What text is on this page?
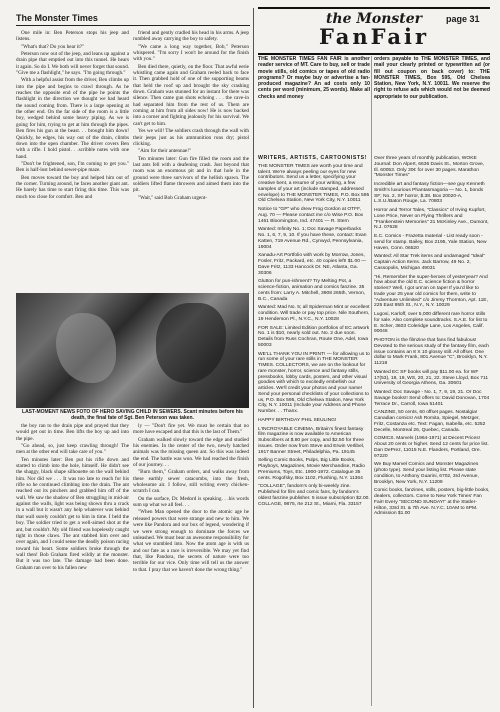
The Monster Times	page 31
the Monster
FanFair

One mile in: Ben Peterson stops his jeep and listens.

"What's that? Do you hear it?"

Peterson now out of the jeep, and leans up against a drain pipe that emptied out into this tunnel. He hears it again. So do I. We both will never forget that sound. "Give me a flashlight," he says. "I'm going through."

With a helpful assist from the driver, Ben climbs up into the pipe and begins to crawl through. As he reaches the opposite end of the pipe he points the flashlight in the direction we thought we had heard the sound coming from. There is a large opening at the other end. On the far side of the room is a little boy, wedged behind some heavy piping. As we is going for him, trying to get at him through the pipes. Ben fires his gun at the beast. . . brought him down! Quickly, he edges, his way out of the drain, climbs down into the open chamber. The driver covers Ben with a rifle. I hold pistol. . .scribble notes with one hand.

"Don't be frightened, son, I'm coming to get you." Ben is half-lost behind sewer-pipe maze.

Ben moves toward the boy and helped him out of the corner. Turning around, he faces another giant ant. He barely has time to start firing this time. This was much too close for comfort. Ben and

friend and gently cradled his head in his arms. A jeep rumbled away carrying the boy to safety.

"We came a long way together, Bob," Peterson whispered. "I'm sorry I won't be around for the finish with you."

Ben died there, quietly, on the floor. That awful eerie whistling came again and Graham reeled back to face it. Then grabbed hold of one of the supporting beams that held the roof up and brought the sky crashing down. Graham was stunned for an instant for there was silence. Then came gun shots echoing . . . the cave-in had separated him from the rest of us. Them are coming at him from all sides now! He is now backed into a corner and fighting jealously for his survival. We can't get to him.

Yes we will! The soldiers crash through the wall with their jeeps just as his ammunition runs dry; pistol clicking.

"Aim for their antennae!"

Ten minutes later: Gun fire filled the room and the last ants fell with a deafening crash. Just beyond that room was an enormous pit and in that hole in the ground were three survivors of the hellish spawn. The soldiers lifted flame throwers and aimed them into the pit.

"Wait," said Bob Graham urgent-

LAST-MOMENT NEWS FOTO OF HERO SAVING CHILD IN SEWERS. Scant minutes before his death, the final fate of Sgt. Ben Peterson was taken.

the boy ran to the drain pipe and prayed that they would get out in time. Ben lifts the boy up and into the pipe.

"Go ahead, so, just keep crawling through! The men at the other end will take care of you."

Ten minutes later: Ben put his rifle down and started to climb into the hole, himself. He didn't see the shaggy, black shape silhouette on the wall behind him. Nor did we . . . It was too late to reach for his rifle so he continued climbing into the drain. The ant reached out its pinchers and grabbed him off of the wall. We saw the shadow of Ben struggling in mid-air against the walls, light was being shown thru a crack in a wall but it wasn't any help whatever was behind that wall surely couldn't get to him in time. I held the boy. The soldier tried to get a well-aimed shot at the ant, but couldn't. My old friend was hopelessly caught tight in those claws. The ant stabbed him over and over again, and I could sense the deadly poison racing toward his heart. Some soldiers broke through the wall then! Bob Graham fired wildly at the monster. But it was too late. The damage had been done. Graham ran over to his fallen new

ly — "Don't fire yet. We must be certain that no more have escaped and that this is the last of Them."

Graham walked slowly toward the edge and studied his enemies. In the center of the two, newly hatched animals was the missing queen ant. So this was indeed the end. The battle was won. We had reached the finish of our journey. . .

"Burn them," Graham orders, and walks away from these earthly sewer catacombs, into the fresh, wholesome air. I follow, still writing every chicken-scratch I can.

On the surface, Dr. Medord is speaking. . .his words sum up what we all feel. . .

"When Man opened the door to the atomic age he released powers that were strange and new to him. We were like Pandora and our box of legend, wondering if we were strong enough to dominate the forces we unleashed. We must bear an awesome responsibility for what we stumbled into. Now the atom age is with us and our fate as a race is irreversible. We may yet find that, like Pandora, the secrets of nature were too terrible for our vice. Only time will tell us the answer to that. I pray that we haven't done the wrong thing."

THE MONSTER TIMES FAN FAIR is another reader service of MT. Care to buy, sell or trade movie stills, old comics or tapes of old radio programs? Or maybe buy or advertise a fan-produced magazine? An ad costs only 10 cents per word (minimum, 25 words). Make all checks and money
orders payable to THE MONSTER TIMES, and mail your clearly printed or typewritten ad (or fill out coupon on back cover) to: THE MONSTER TIMES, Box 595, Old Chelsea Station, New York, N.Y. 10011. We reserve the right to refuse ads which would not be deemed appropriate to our publication.
WRITERS, ARTISTS, CARTOONISTS!
THE MONSTER TIMES are worth your time and talent. We're always peeling our eyes for new contributors. Send us a letter, specifying your creative bent, a resume of your writing, a few samples of your art (include stamped, addressed envelope) to THE MONSTER TIMES, P.O. Box 595 Old Chelsea Station, New York City, N.Y. 10011
Notice to "GP" who drew Frog Gordon at OTFF, Aug. 70 — Please contact me c/o Wise P.O. Box 1461 Bloomington, Ind. 47401 — R. Stern
Wanted: Infinity No. 1; Doc Savage Paperbacks No. 1, 6, 7, 9, 10. If you have these, contact: Evan Katten, 719 Avenue Rd., Cynwyd, Pennsylvania, 19004
Xanadu-Art Portfolio with work by Morrow, Jones, Fosler, Fritz, Packard, etc. 40 copies left! $1.00 — Dave Fritz, 1133 Hancock Dr. NE, Atlanta, Ga. 30306
Glutton for pun-ishment? Try Melting Pot, a science-fiction, animation and comics fanzine. 35 cents from: Larry A. Mitchell, 3908 265th, Vernon, B.C., Canada
Wanted: Mad No. 5; all Spiderman Mint or excellent condition. Will trade or pay top price. Nile Southern, 19 Henderson Pl., N.Y.C., N.Y. 10028
FOR SALE: Limited Edition portfolios of EC artwork No. 1 is $10, nearly sold out. No. 2 due soon. Details from Russ Cochran, Route One, Adel, Iowa 50003
WE'LL THANK YOU IN PRINT! — for allowing us to run some of your rare stills in THE MONSTER TIMES. COLLECTORS, we are on the lookout for rare monster, horror, science and fantasy stills, pressbooks, lobby cards, posters, and other visual goodies with which to excitedly embellish our articles. We'll credit your photos and your name! Send your personal checklists of your collections to us, P.O. Box 595, Old Chelsea Station, New York City, N.Y. 10011 (Include your Address and Phone Number. . . Thanx.
HAPPY BIRTHDAY PHIL SEULING!
L'INCROYABLE CINEMA, Britain's finest fantasy film magazine is now available to American Subscribers at $.80 per copy, and $2.50 for three issues. Order now from Steve and Erwin Verlibel, 1917 Banner Street, Philadelphia, Pa. 19145
Selling Comic Books, Pulps, Big Little Books, Playboys, Magazines, Movie Merchandise, Radio Premiums, Toys, Etc. 1900-1972. Catalogue 35 cents. Rogofsky, Box 1102, Flushing, N.Y. 11364
"COLLAGE", fandom's only bi-weekly zine. Published for film and comic fans, by fandom's oldest fanzine publisher. 5 issue subscription $2.00. COLLAGE, 9875, rte 212 St., Miami, Fla. 33157
Over three years of monthly publication, WOKE Journal: Don Alpert, 6636 Davis St., Morton Grove, Ill. 60053. Only 30¢ for over 30 pages. Marathon "Monster Times"
Incredible art and fantasy fiction—see guy Kenneth Smith's luxurious Phantasmagoria — No. 1, bonds SF; No. 2, SF horror, $.38. Box 20020-A, L.S.U./Baton Rouge, La. 70803
Horror and Terror Tales, "Classics" of Irving Kupfort, Lone Price, Never on Flying Thrillers and "Frankenstein Memories" 31 McKinley Ave., Dumont, N.J. 07628
E.C. Comics - Frazetta material - List ready soon - send for stamp. Bailey, Box 2195, Yale Station, New Haven, Conn. 06520
Wanted: All Star Trek items and undamaged "Ideal" Captain Action Items. Jack Barrow, 49 No. 2, Cassopolis, Michigan 49031
"Hi, Remember the super-heroes of yesteryear? And how about the old E.C. science fiction & horror stories? Well, I got um'an on tape! If you'd like to trade your 25 year old comics for them, write to "Adventure Unlimited" c/o Jimmy Thornton, Apt. 11E, 225 East 95th St., N.Y., N.Y. 10029
Lugosi, Karloff, over 5,000 different rare horror stills for sale. Also complete soundtracks. S.A.E. for list to E. Scher, 3603 Coleridge Lane, Los Angeles, Calif. 90046
PHOTON is the filmzine that fans find fabulous! Devoted to the serious study of the fantasy film, each issue contains an 8 X 10 glossy still. All offset. One dollar to Mark Frank, 801 Avenue "C", Brooklyn, N.Y. 11218
Wanted EC SF books will pay $11.00 ea. for WF 17(53), 18, 19, WS, 20, 21, 22. Steve Lloyd, Box 711 University of Georgia Athens, Ga. 30601
Wanted: Doc Savage - No. 1, 7, 9, 19, 21. Or Doc Savage books!! Send offers to: David Donovan, 1704 Terrace Dr., Carroll, Iowa 51401
CANZINE, 50 cents, 60 offset pages. Nostalgia! Canadian comics! Ash Romita, Spiegel, Metzger, Fritz, Costanza etc. Text: Fagan, Isabella, etc. 5252 Decelle, Montreal 26, Quebec, Canada.
COMICS. Marvels (1964-1971) at Decent Prices! About 20 cents or higher. Send 12 cents for price list. Dan DePrez, 11015 N.E. Flanders, Portland, Ore. 97220
We Buy Marvel Comics and Monster Magazines (photo type). Send your listing list. Please state condition, to Anthony Guarini, 6702, 3rd Avenue, Brooklyn, New York, N.Y. 11209
Comic books, fanzines, stills, posters, big-little books, dealers, collectors. Come to New York Times' Fan Fair! Every "SECOND SUNDAY!" at the Statler-Hilton, 33rd St. & 7th Ave. N.Y.C. 10AM to 6PM. Admission $1.00
